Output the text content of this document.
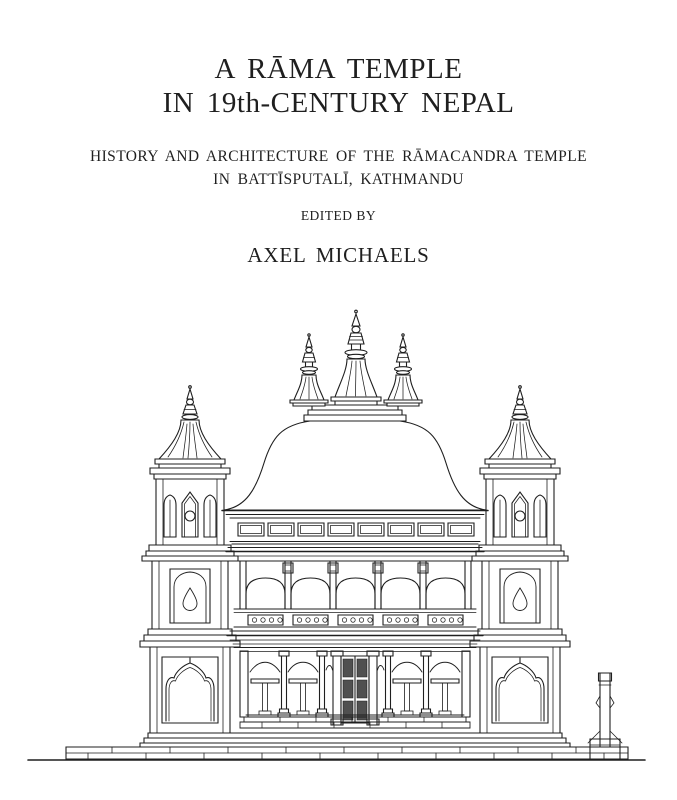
A RĀMA TEMPLE
IN 19th-CENTURY NEPAL
HISTORY AND ARCHITECTURE OF THE RĀMACANDRA TEMPLE
IN BATTĪSPUTALĪ, KATHMANDU
EDITED BY
AXEL MICHAELS
